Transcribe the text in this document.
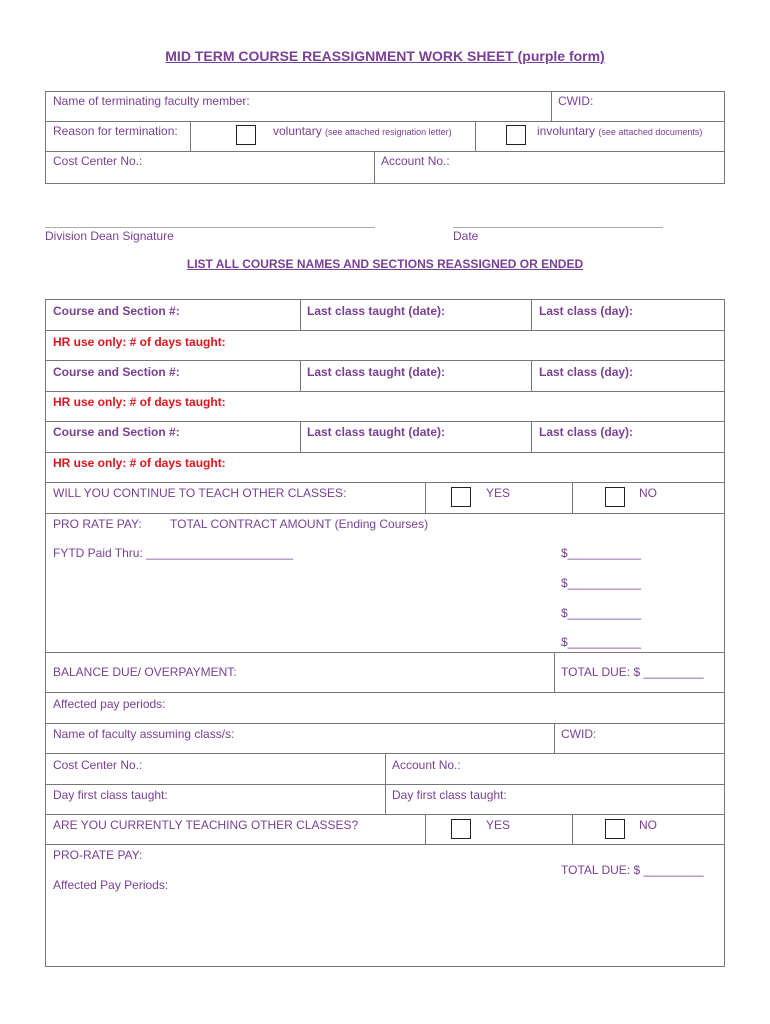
MID TERM COURSE REASSIGNMENT WORK SHEET (purple form)
Name of terminating faculty member:	CWID:
Reason for termination:	voluntary (see attached resignation letter)	involuntary (see attached documents)
Cost Center No.:	Account No.:
Division Dean Signature	Date
LIST ALL COURSE NAMES AND SECTIONS REASSIGNED OR ENDED
Course and Section #:	Last class taught (date):	Last class (day):
HR use only: # of days taught:
Course and Section #:	Last class taught (date):	Last class (day):
HR use only: # of days taught:
Course and Section #:	Last class taught (date):	Last class (day):
HR use only: # of days taught:
WILL YOU CONTINUE TO TEACH OTHER CLASSES:	YES	NO
PRO RATE PAY: TOTAL CONTRACT AMOUNT (Ending Courses)
FYTD Paid Thru: ______________________	$___________
$___________
$___________
$___________
BALANCE DUE/ OVERPAYMENT:	TOTAL DUE: $ _________
Affected pay periods:
Name of faculty assuming class/s:	CWID:
Cost Center No.:	Account No.:
Day first class taught:	Day first class taught:
ARE YOU CURRENTLY TEACHING OTHER CLASSES?	YES	NO
PRO-RATE PAY:
TOTAL DUE: $ _________
Affected Pay Periods:
